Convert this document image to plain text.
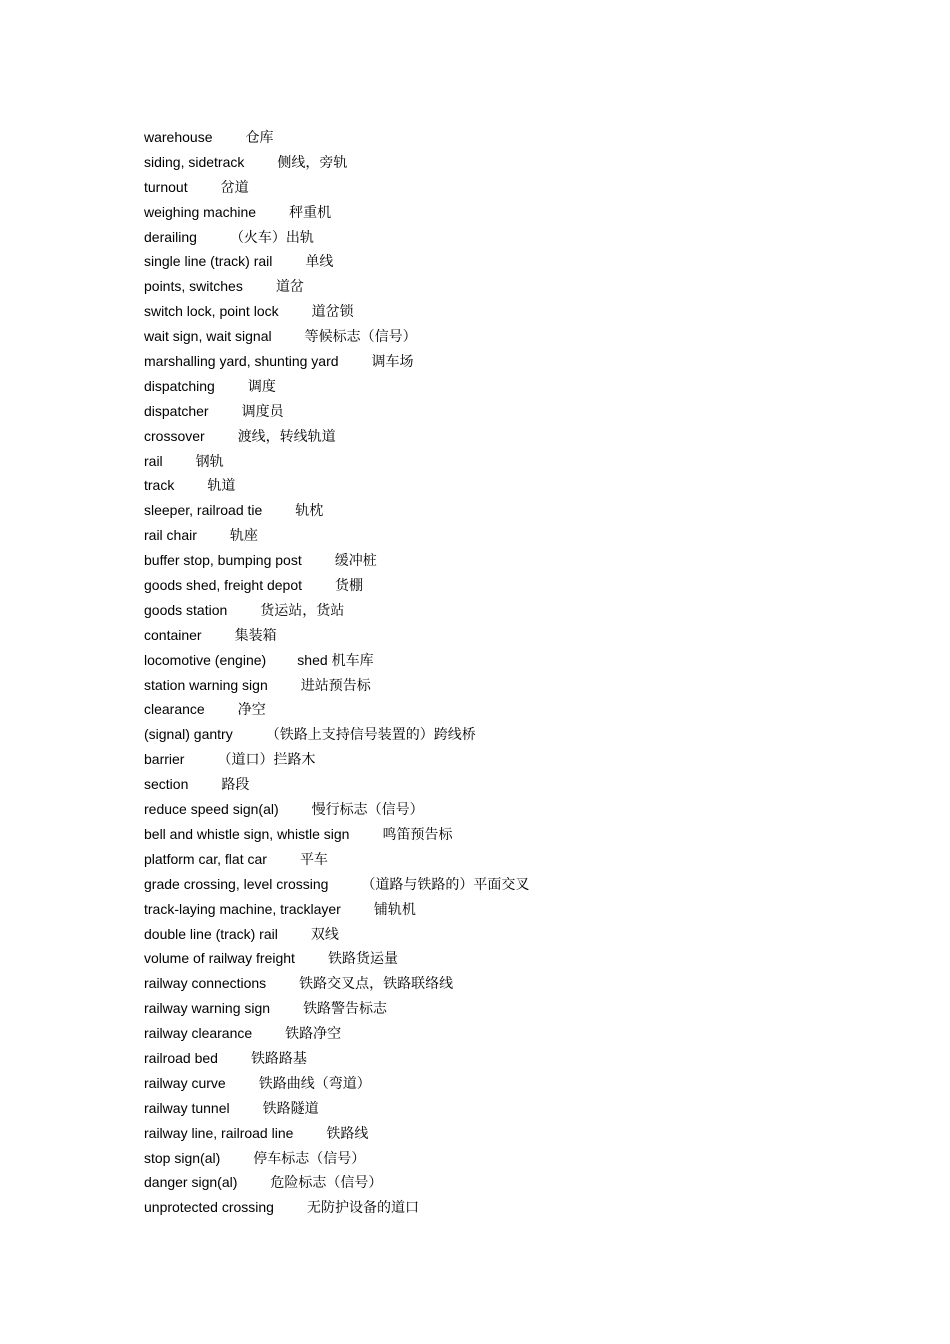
warehouse 仓库
siding, sidetrack 侧线，旁轨
turnout 岔道
weighing machine 秤重机
derailing （火车）出轨
single line (track) rail 单线
points, switches 道岔
switch lock, point lock 道岔锁
wait sign, wait signal 等候标志（信号）
marshalling yard, shunting yard 调车场
dispatching 调度
dispatcher 调度员
crossover 渡线，转线轨道
rail 钢轨
track 轨道
sleeper, railroad tie 轨枕
rail chair 轨座
buffer stop, bumping post 缓冲桩
goods shed, freight depot 货棚
goods station 货运站，货站
container 集装箱
locomotive (engine)        shed 机车库
station warning sign 进站预告标
clearance 净空
(signal) gantry （铁路上支持信号装置的）跨线桥
barrier （道口）拦路木
section 路段
reduce speed sign(al) 慢行标志（信号）
bell and whistle sign, whistle sign 鸣笛预告标
platform car, flat car 平车
grade crossing, level crossing （道路与铁路的）平面交叉
track-laying machine, tracklayer 铺轨机
double line (track) rail 双线
volume of railway freight 铁路货运量
railway connections 铁路交叉点，铁路联络线
railway warning sign 铁路警告标志
railway clearance 铁路净空
railroad bed 铁路路基
railway curve 铁路曲线（弯道）
railway tunnel 铁路隧道
railway line, railroad line 铁路线
stop sign(al) 停车标志（信号）
danger sign(al) 危险标志（信号）
unprotected crossing 无防护设备的道口
